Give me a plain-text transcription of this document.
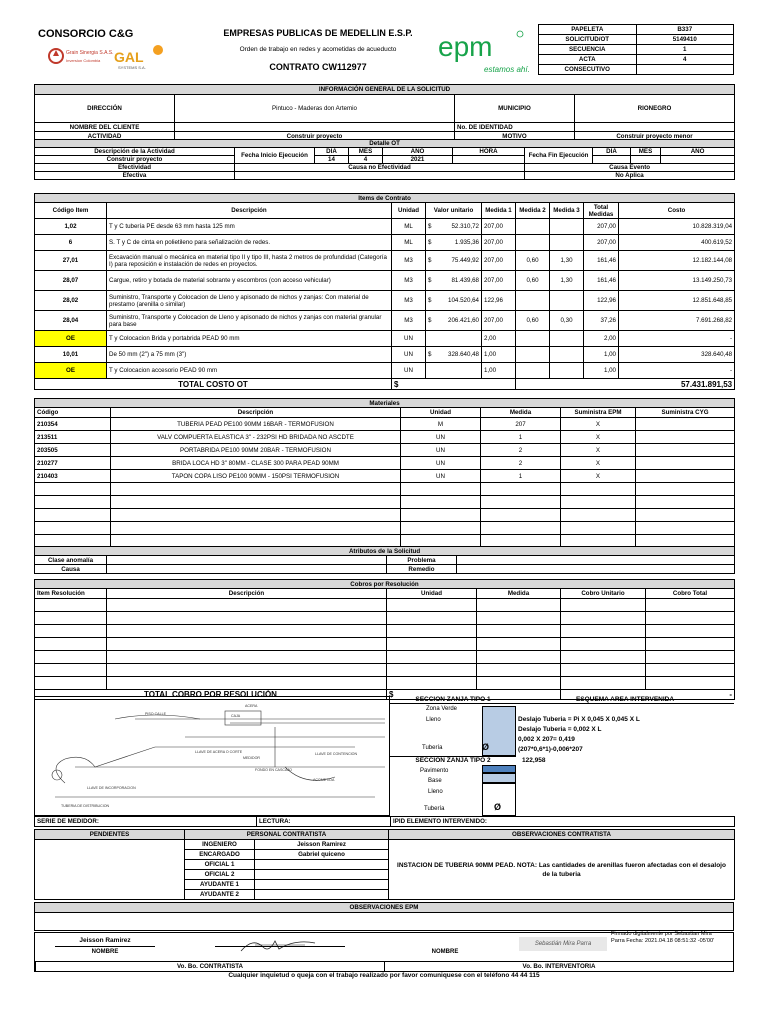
CONSORCIO C&G
Grain Sinergia S.A.S.
Inversion Colombia GAL
SYSTEMS S.A.
EMPRESAS PUBLICAS DE MEDELLIN E.S.P.
Orden de trabajo en redes y acometidas de acueducto
CONTRATO CW112977
epm
estamos ahí.
PAPELETA	B337
SOLICITUD/OT	5149410
SECUENCIA	1
ACTA	4
CONSECUTIVO	
INFORMACIÓN GENERAL DE LA SOLICITUD			
DIRECCIÓN	Pintuco - Maderas don Artemio	MUNICIPIO	RIONEGRO
NOMBRE DEL CLIENTE		No. DE IDENTIDAD	
ACTIVIDAD	Construir proyecto	MOTIVO	Construir proyecto menor
Detalle OT									
Descripción de la Actividad	Fecha Inicio Ejecución	DIA	MES	AÑO	HORA	Fecha Fin Ejecución	DIA	MES	AÑO
Construir proyecto		14	4	2021					
Efectividad	Causa no Efectividad					Causa Evento			
Efectiva						No Aplica			
Items de Contrato									
Código Item	Descripción	Unidad	Valor unitario		Medida 1	Medida 2	Medida 3	Total Medidas	Costo
1,02	T y C tubería PE desde 63 mm hasta 125 mm	ML	$	52.310,72	207,00			207,00	10.828.319,04
6	S. T y C de cinta en polietileno para señalización de redes.	ML	$	1.935,36	207,00			207,00	400.619,52
27,01	Excavación manual o mecánica en material tipo II y tipo III, hasta 2 metros de profundidad (Categoría I) para reposición e instalación de redes en proyectos.	M3	$	75.449,92	207,00	0,60	1,30	161,46	12.182.144,08
28,07	Cargue, retiro y botada de material sobrante y escombros (con acceso vehicular)	M3	$	81.439,68	207,00	0,60	1,30	161,46	13.149.250,73
28,02	Suministro, Transporte y Colocacion de Lleno y apisonado de nichos y zanjas: Con material de prestamo (arenilla o similar)	M3	$	104.520,64	122,96			122,96	12.851.648,85
28,04	Suministro, Transporte y Colocacion de Lleno y apisonado de nichos y zanjas con material granular para base	M3	$	206.421,60	207,00	0,60	0,30	37,26	7.691.268,82
OE	T y Colocacion Brida y portabrida PEAD 90 mm	UN			2,00			2,00	-
10,01	De 50 mm (2") a 75 mm (3")	UN	$	328.640,48	1,00			1,00	328.640,48
OE	T y Colocacion accesorio PEAD 90 mm	UN			1,00			1,00	-
TOTAL COSTO OT		$				57.431.891,53			
Materiales					
Código	Descripción	Unidad	Medida	Suministra EPM	Suministra CYG
210354	TUBERIA PEAD PE100 90MM 16BAR - TERMOFUSION	M	207	X	
213511	VALV COMPUERTA ELASTICA 3" - 232PSI HD BRIDADA NO ASCDTE	UN	1	X	
203505	PORTABRIDA PE100 90MM 20BAR - TERMOFUSION	UN	2	X	
210277	BRIDA LOCA HD 3" 80MM - CLASE 300 PARA PEAD 90MM	UN	2	X	
210403	TAPON COPA LISO PE100 90MM - 150PSI TERMOFUSION	UN	1	X	

Atributos de la Solicitud			
Clase anomalía		Problema	
Causa		Remedio	
Cobros por Resolución					
Item Resolución	Descripción	Unidad	Medida	Cobro Unitario	Cobro Total

TOTAL COBRO POR RESOLUCIÓN		$		-	
ACERA
CAJA
LLAVE DE ACERA O CORTE
MEDIDOR
LLAVE DE CONTENCION
FONDO EN CASCAJO
ACOMETIDA
LLAVE DE INCORPORACION
TUBERIA DE DISTRIBUCION
PISO CALLE
SECCION ZANJA TIPO 1	ESQUEMA AREA INTERVENIDA
Zona Verde
Lleno
Tubería	Ø
Deslajo Tuberia = Pi X 0,045 X 0,045 X L
Deslajo Tuberia = 0,002 X L
0,002 X 207= 0,419
(207*0,6*1)-0,006*207
SECCION ZANJA TIPO 2	122,958
Pavimento
Base
Lleno
Tubería	Ø
SERIE DE MEDIDOR:	LECTURA:	IPID ELEMENTO INTERVENIDO:
PENDIENTES	PERSONAL CONTRATISTA		OBSERVACIONES CONTRATISTA
	INGENIERO	Jeisson Ramirez	INSTACION DE TUBERIA 90MM PEAD. NOTA: Las cantidades de arenillas fueron afectadas con el desalojo de la tuberia
	ENCARGADO	Gabriel quiceno	
	OFICIAL 1		
	OFICIAL 2		
	AYUDANTE 1		
	AYUDANTE 2		
OBSERVACIONES EPM

Jeisson Ramirez
NOMBRE	NOMBRE
Sebastián Mira Parra
Firmado digitalmente por Sebastian Mira Parra Fecha: 2021.04.18 08:51:32 -05'00'
Vo. Bo. CONTRATISTA	Vo. Bo. INTERVENTORIA
Cualquier inquietud o queja con el trabajo realizado por favor comuniquese con el teléfono 44 44 115
